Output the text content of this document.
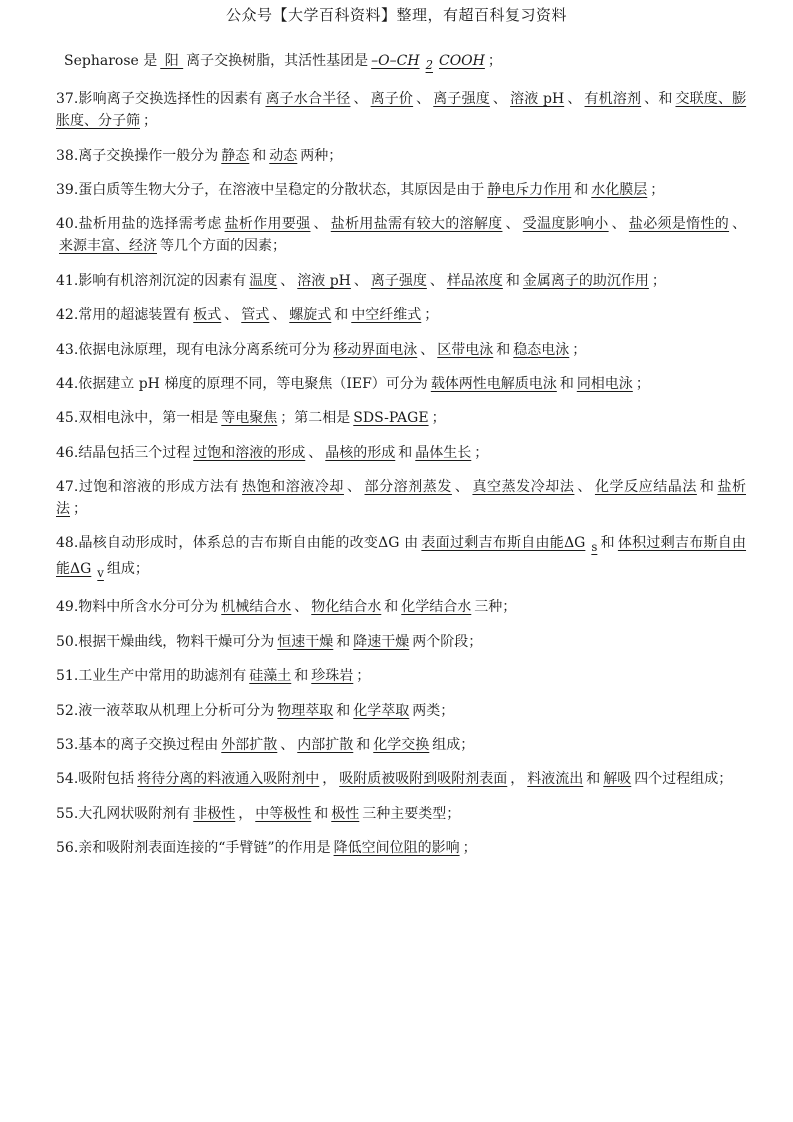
公众号【大学百科资料】整理，有超百科复习资料
Sepharose 是 阳 离子交换树脂，其活性基团是 –O–CH $_2$ COOH ；
37.影响离子交换选择性的因素有 离子水合半径 、 离子价 、 离子强度 、 溶液 pH 、 有机溶剂 、和 交联度、膨胀度、分子筛 ；
38.离子交换操作一般分为 静态 和 动态 两种；
39.蛋白质等生物大分子，在溶液中呈稳定的分散状态，其原因是由于 静电斥力作用 和 水化膜层 ；
40.盐析用盐的选择需考虑 盐析作用要强 、 盐析用盐需有较大的溶解度 、 受温度影响小 、 盐必须是惰性的 、来源丰富、经济 等几个方面的因素；
41.影响有机溶剂沉淀的因素有 温度 、 溶液 pH 、 离子强度 、 样品浓度 和 金属离子的助沉作用 ；
42.常用的超滤装置有 板式 、 管式 、 螺旋式 和 中空纤维式 ；
43.依据电泳原理，现有电泳分离系统可分为 移动界面电泳 、 区带电泳 和 稳态电泳 ；
44.依据建立 pH 梯度的原理不同，等电聚焦（IEF）可分为 载体两性电解质电泳 和 同相电泳 ；
45.双相电泳中，第一相是 等电聚焦 ；第二相是 SDS-PAGE ；
46.结晶包括三个过程 过饱和溶液的形成 、 晶核的形成 和 晶体生长 ；
47.过饱和溶液的形成方法有 热饱和溶液冷却 、 部分溶剂蒸发 、 真空蒸发冷却法 、 化学反应结晶法 和 盐析法 ；
48.晶核自动形成时，体系总的吉布斯自由能的改变ΔG 由 表面过剩吉布斯自由能ΔG $_s$ 和 体积过剩吉布斯自由能ΔG $_v$ 组成；
49.物料中所含水分可分为 机械结合水 、 物化结合水 和 化学结合水 三种；
50.根据干燥曲线，物料干燥可分为 恒速干燥 和 降速干燥 两个阶段；
51.工业生产中常用的助滤剂有 硅藻土 和 珍珠岩 ；
52.液一液萃取从机理上分析可分为 物理萃取 和 化学萃取 两类；
53.基本的离子交换过程由 外部扩散 、 内部扩散 和 化学交换 组成；
54.吸附包括 将待分离的料液通入吸附剂中 ， 吸附质被吸附到吸附剂表面 ， 料液流出 和 解吸 四个过程组成；
55.大孔网状吸附剂有 非极性 ， 中等极性 和 极性 三种主要类型；
56.亲和吸附剂表面连接的“手臂链”的作用是 降低空间位阻的影响 ；
